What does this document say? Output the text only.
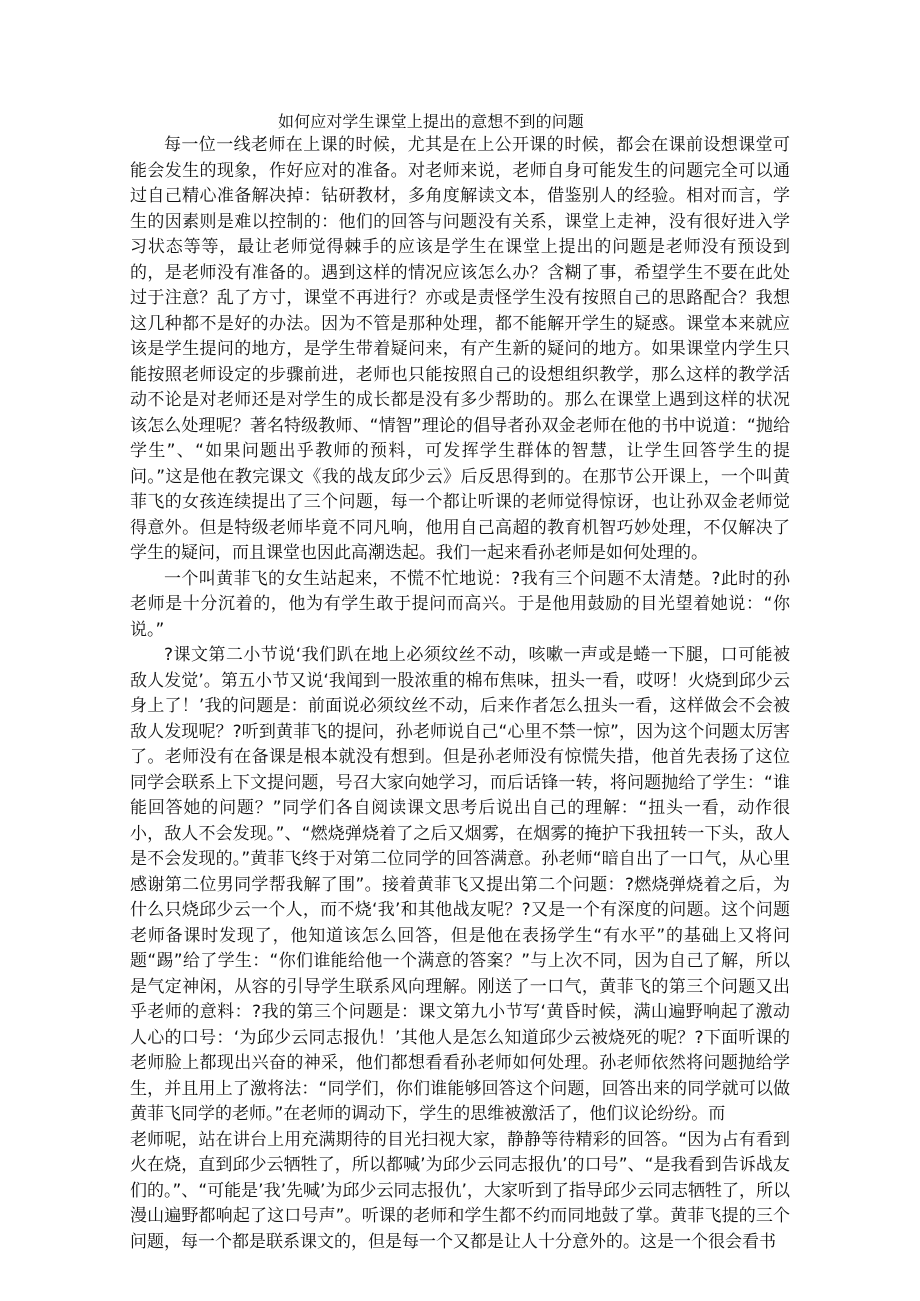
如何应对学生课堂上提出的意想不到的问题

每一位一线老师在上课的时候，尤其是在上公开课的时候，都会在课前设想课堂可能会发生的现象，作好应对的准备。对老师来说，老师自身可能发生的问题完全可以通过自己精心准备解决掉：钻研教材，多角度解读文本，借鉴别人的经验。相对而言，学生的因素则是难以控制的：他们的回答与问题没有关系，课堂上走神，没有很好进入学习状态等等，最让老师觉得棘手的应该是学生在课堂上提出的问题是老师没有预设到的，是老师没有准备的。遇到这样的情况应该怎么办？含糊了事，希望学生不要在此处过于注意？乱了方寸，课堂不再进行？亦或是责怪学生没有按照自己的思路配合？我想这几种都不是好的办法。因为不管是那种处理，都不能解开学生的疑惑。课堂本来就应该是学生提问的地方，是学生带着疑问来，有产生新的疑问的地方。如果课堂内学生只能按照老师设定的步骤前进，老师也只能按照自己的设想组织教学，那么这样的教学活动不论是对老师还是对学生的成长都是没有多少帮助的。那么在课堂上遇到这样的状况该怎么处理呢？著名特级教师、“情智”理论的倡导者孙双金老师在他的书中说道：“抛给学生”、“如果问题出乎教师的预料，可发挥学生群体的智慧，让学生回答学生的提问。”这是他在教完课文《我的战友邱少云》后反思得到的。在那节公开课上，一个叫黄菲飞的女孩连续提出了三个问题，每一个都让听课的老师觉得惊讶，也让孙双金老师觉得意外。但是特级老师毕竟不同凡响，他用自己高超的教育机智巧妙处理，不仅解决了学生的疑问，而且课堂也因此高潮迭起。我们一起来看孙老师是如何处理的。

一个叫黄菲飞的女生站起来，不慌不忙地说：?我有三个问题不太清楚。?此时的孙老师是十分沉着的，他为有学生敢于提问而高兴。于是他用鼓励的目光望着她说：“你说。”

?课文第二小节说‘我们趴在地上必须纹丝不动，咳嗽一声或是蜷一下腿，口可能被敌人发觉’。第五小节又说‘我闻到一股浓重的棉布焦味，扭头一看，哎呀！火烧到邱少云身上了！’我的问题是：前面说必须纹丝不动，后来作者怎么扭头一看，这样做会不会被敌人发现呢？?听到黄菲飞的提问，孙老师说自己“心里不禁一惊”，因为这个问题太厉害了。老师没有在备课是根本就没有想到。但是孙老师没有惊慌失措，他首先表扬了这位同学会联系上下文提问题，号召大家向她学习，而后话锋一转，将问题抛给了学生：“谁能回答她的问题？”同学们各自阅读课文思考后说出自己的理解：“扭头一看，动作很小，敌人不会发现。”、“燃烧弹烧着了之后又烟雾，在烟雾的掩护下我扭转一下头，敌人是不会发现的。”黄菲飞终于对第二位同学的回答满意。孙老师“暗自出了一口气，从心里感谢第二位男同学帮我解了围”。接着黄菲飞又提出第二个问题：?燃烧弹烧着之后，为什么只烧邱少云一个人，而不烧‘我’和其他战友呢？?又是一个有深度的问题。这个问题老师备课时发现了，他知道该怎么回答，但是他在表扬学生“有水平”的基础上又将问题“踢”给了学生：“你们谁能给他一个满意的答案？”与上次不同，因为自己了解，所以是气定神闲，从容的引导学生联系风向理解。刚送了一口气，黄菲飞的第三个问题又出乎老师的意料：?我的第三个问题是：课文第九小节写‘黄昏时候，满山遍野响起了激动人心的口号：‘为邱少云同志报仇！’其他人是怎么知道邱少云被烧死的呢？?下面听课的老师脸上都现出兴奋的神采，他们都想看看孙老师如何处理。孙老师依然将问题抛给学生，并且用上了激将法：“同学们，你们谁能够回答这个问题，回答出来的同学就可以做黄菲飞同学的老师。”在老师的调动下，学生的思维被激活了，他们议论纷纷。而

老师呢，站在讲台上用充满期待的目光扫视大家，静静等待精彩的回答。“因为占有看到火在烧，直到邱少云牺牲了，所以都喊’为邱少云同志报仇’的口号”、“是我看到告诉战友们的。”、“可能是’我’先喊’为邱少云同志报仇’，大家听到了指导邱少云同志牺牲了，所以漫山遍野都响起了这口号声”。听课的老师和学生都不约而同地鼓了掌。黄菲飞提的三个问题，每一个都是联系课文的，但是每一个又都是让人十分意外的。这是一个很会看书
